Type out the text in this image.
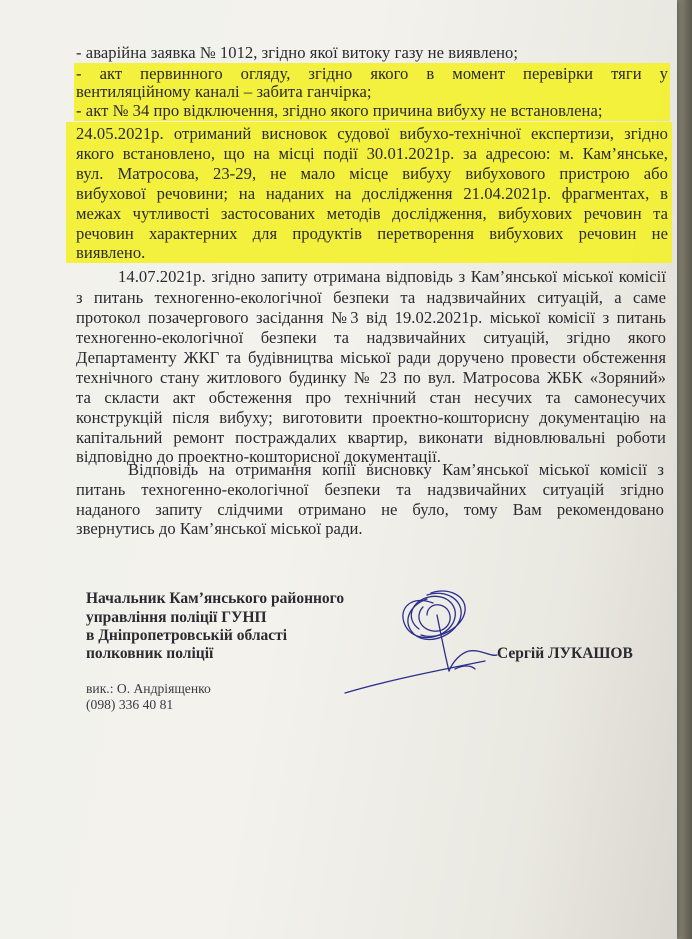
- аварійна заявка № 1012, згідно якої витоку газу не виявлено;
- акт первинного огляду, згідно якого в момент перевірки тяги у
вентиляційному каналі – забита ганчірка;
- акт № 34 про відключення, згідно якого причина вибуху не встановлена;
24.05.2021р. отриманий висновок судової вибухо-технічної експертизи, згідно
якого встановлено, що на місці події 30.01.2021р. за адресою: м. Кам’янське,
вул. Матросова, 23-29, не мало місце вибуху вибухового пристрою або
вибухової речовини; на наданих на дослідження 21.04.2021р. фрагментах, в
межах чутливості застосованих методів дослідження, вибухових речовин та
речовин характерних для продуктів перетворення вибухових речовин не
виявлено.
14.07.2021р. згідно запиту отримана відповідь з Кам’янської міської комісії
з питань техногенно-екологічної безпеки та надзвичайних ситуацій, а саме
протокол позачергового засідання №3 від 19.02.2021р. міської комісії з питань
техногенно-екологічної безпеки та надзвичайних ситуацій, згідно якого
Департаменту ЖКГ та будівництва міської ради доручено провести обстеження
технічного стану житлового будинку № 23 по вул. Матросова ЖБК «Зоряний»
та скласти акт обстеження про технічний стан несучих та самонесучих
конструкцій після вибуху; виготовити проектно-кошторисну документацію на
капітальний ремонт постраждалих квартир, виконати відновлювальні роботи
відповідно до проектно-кошторисної документації.
Відповідь на отримання копії висновку Кам’янської міської комісії з
питань техногенно-екологічної безпеки та надзвичайних ситуацій згідно
наданого запиту слідчими отримано не було, тому Вам рекомендовано
звернутись до Кам’янської міської ради.
Начальник Кам’янського районного
управління поліції ГУНП
в Дніпропетровській області
полковник поліції	Сергій ЛУКАШОВ
вик.: О. Андріященко
(098) 336 40 81
